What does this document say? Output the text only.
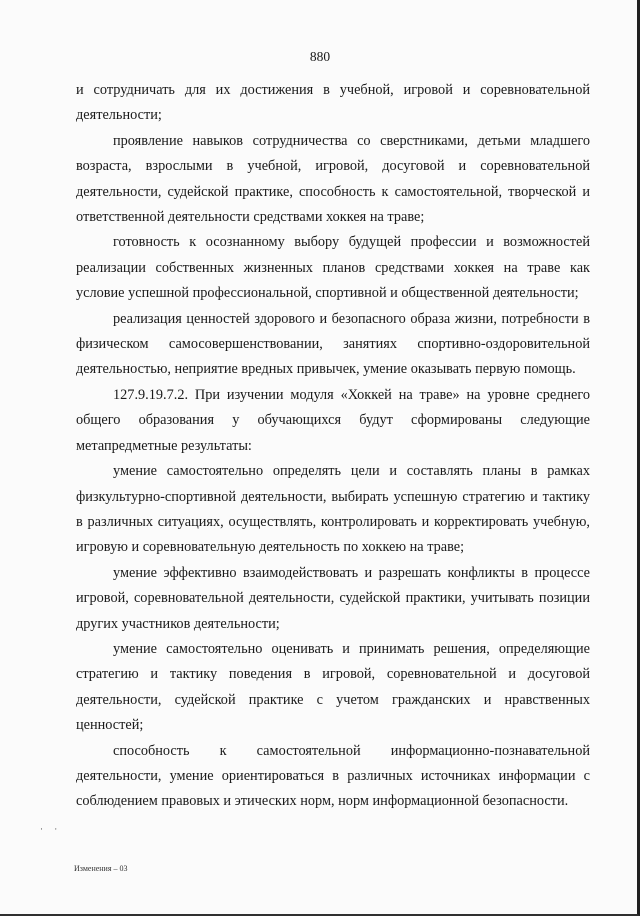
880

и сотрудничать для их достижения в учебной, игровой и соревновательной деятельности;

проявление навыков сотрудничества со сверстниками, детьми младшего возраста, взрослыми в учебной, игровой, досуговой и соревновательной деятельности, судейской практике, способность к самостоятельной, творческой и ответственной деятельности средствами хоккея на траве;

готовность к осознанному выбору будущей профессии и возможностей реализации собственных жизненных планов средствами хоккея на траве как условие успешной профессиональной, спортивной и общественной деятельности;

реализация ценностей здорового и безопасного образа жизни, потребности в физическом самосовершенствовании, занятиях спортивно-оздоровительной деятельностью, неприятие вредных привычек, умение оказывать первую помощь.

127.9.19.7.2. При изучении модуля «Хоккей на траве» на уровне среднего общего образования у обучающихся будут сформированы следующие метапредметные результаты:

умение самостоятельно определять цели и составлять планы в рамках физкультурно-спортивной деятельности, выбирать успешную стратегию и тактику в различных ситуациях, осуществлять, контролировать и корректировать учебную, игровую и соревновательную деятельность по хоккею на траве;

умение эффективно взаимодействовать и разрешать конфликты в процессе игровой, соревновательной деятельности, судейской практики, учитывать позиции других участников деятельности;

умение самостоятельно оценивать и принимать решения, определяющие стратегию и тактику поведения в игровой, соревновательной и досуговой деятельности, судейской практике с учетом гражданских и нравственных ценностей;

способность к самостоятельной информационно-познавательной деятельности, умение ориентироваться в различных источниках информации с соблюдением правовых и этических норм, норм информационной безопасности.

·     ·
Изменения – 03
